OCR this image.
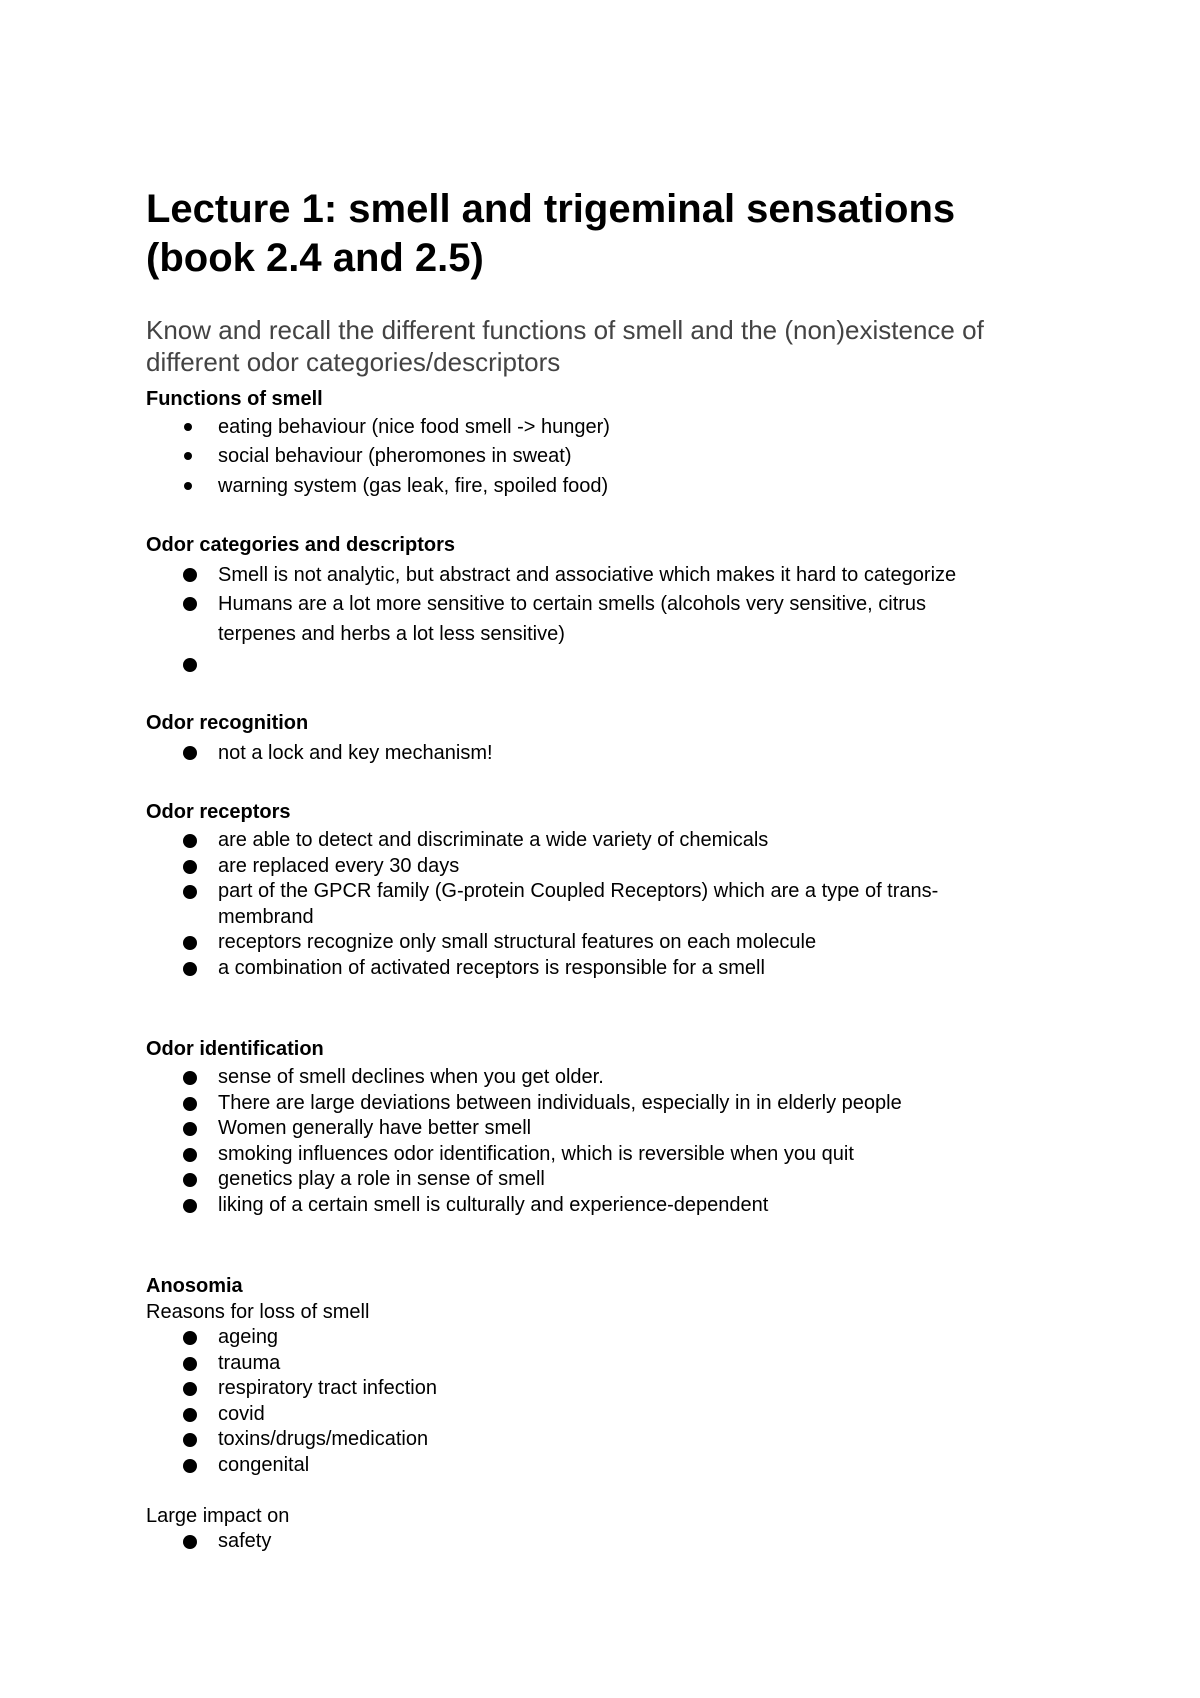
Lecture 1: smell and trigeminal sensations
(book 2.4 and 2.5)
Know and recall the different functions of smell and the (non)existence of
different odor categories/descriptors
Functions of smell
eating behaviour (nice food smell -> hunger)
social behaviour (pheromones in sweat)
warning system (gas leak, fire, spoiled food)
Odor categories and descriptors
Smell is not analytic, but abstract and associative which makes it hard to categorize
Humans are a lot more sensitive to certain smells (alcohols very sensitive, citrus
terpenes and herbs a lot less sensitive)
Odor recognition
not a lock and key mechanism!
Odor receptors
are able to detect and discriminate a wide variety of chemicals
are replaced every 30 days
part of the GPCR family (G-protein Coupled Receptors) which are a type of trans-
membrand
receptors recognize only small structural features on each molecule
a combination of activated receptors is responsible for a smell
Odor identification
sense of smell declines when you get older.
There are large deviations between individuals, especially in in elderly people
Women generally have better smell
smoking influences odor identification, which is reversible when you quit
genetics play a role in sense of smell
liking of a certain smell is culturally and experience-dependent
Anosomia
Reasons for loss of smell
ageing
trauma
respiratory tract infection
covid
toxins/drugs/medication
congenital
Large impact on
safety
